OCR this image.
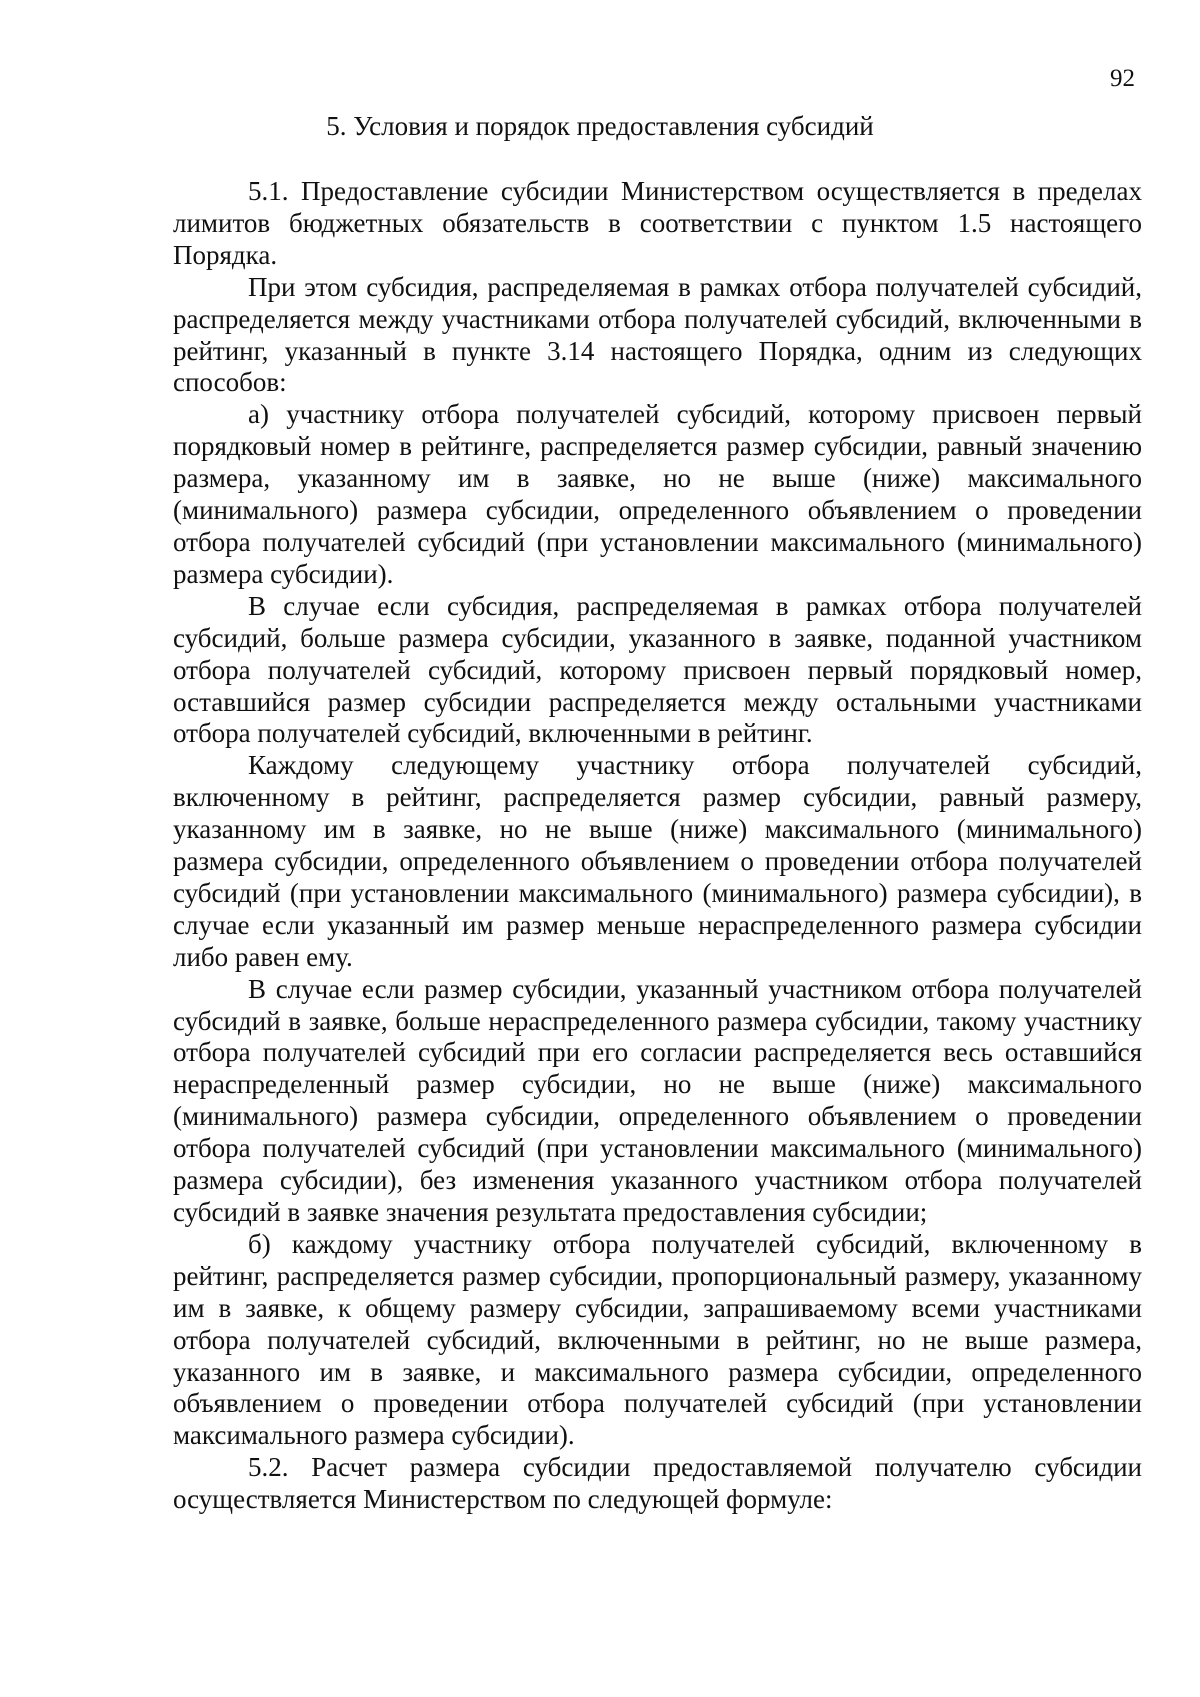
92
5. Условия и порядок предоставления субсидий

5.1. Предоставление субсидии Министерством осуществляется в пределах лимитов бюджетных обязательств в соответствии с пунктом 1.5 настоящего Порядка.

При этом субсидия, распределяемая в рамках отбора получателей субсидий, распределяется между участниками отбора получателей субсидий, включенными в рейтинг, указанный в пункте 3.14 настоящего Порядка, одним из следующих способов:

а) участнику отбора получателей субсидий, которому присвоен первый порядковый номер в рейтинге, распределяется размер субсидии, равный значению размера, указанному им в заявке, но не выше (ниже) максимального (минимального) размера субсидии, определенного объявлением о проведении отбора получателей субсидий (при установлении максимального (минимального) размера субсидии).

В случае если субсидия, распределяемая в рамках отбора получателей субсидий, больше размера субсидии, указанного в заявке, поданной участником отбора получателей субсидий, которому присвоен первый порядковый номер, оставшийся размер субсидии распределяется между остальными участниками отбора получателей субсидий, включенными в рейтинг.

Каждому следующему участнику отбора получателей субсидий, включенному в рейтинг, распределяется размер субсидии, равный размеру, указанному им в заявке, но не выше (ниже) максимального (минимального) размера субсидии, определенного объявлением о проведении отбора получателей субсидий (при установлении максимального (минимального) размера субсидии), в случае если указанный им размер меньше нераспределенного размера субсидии либо равен ему.

В случае если размер субсидии, указанный участником отбора получателей субсидий в заявке, больше нераспределенного размера субсидии, такому участнику отбора получателей субсидий при его согласии распределяется весь оставшийся нераспределенный размер субсидии, но не выше (ниже) максимального (минимального) размера субсидии, определенного объявлением о проведении отбора получателей субсидий (при установлении максимального (минимального) размера субсидии), без изменения указанного участником отбора получателей субсидий в заявке значения результата предоставления субсидии;

б) каждому участнику отбора получателей субсидий, включенному в рейтинг, распределяется размер субсидии, пропорциональный размеру, указанному им в заявке, к общему размеру субсидии, запрашиваемому всеми участниками отбора получателей субсидий, включенными в рейтинг, но не выше размера, указанного им в заявке, и максимального размера субсидии, определенного объявлением о проведении отбора получателей субсидий (при установлении максимального размера субсидии).

5.2. Расчет размера субсидии предоставляемой получателю субсидии осуществляется Министерством по следующей формуле:
